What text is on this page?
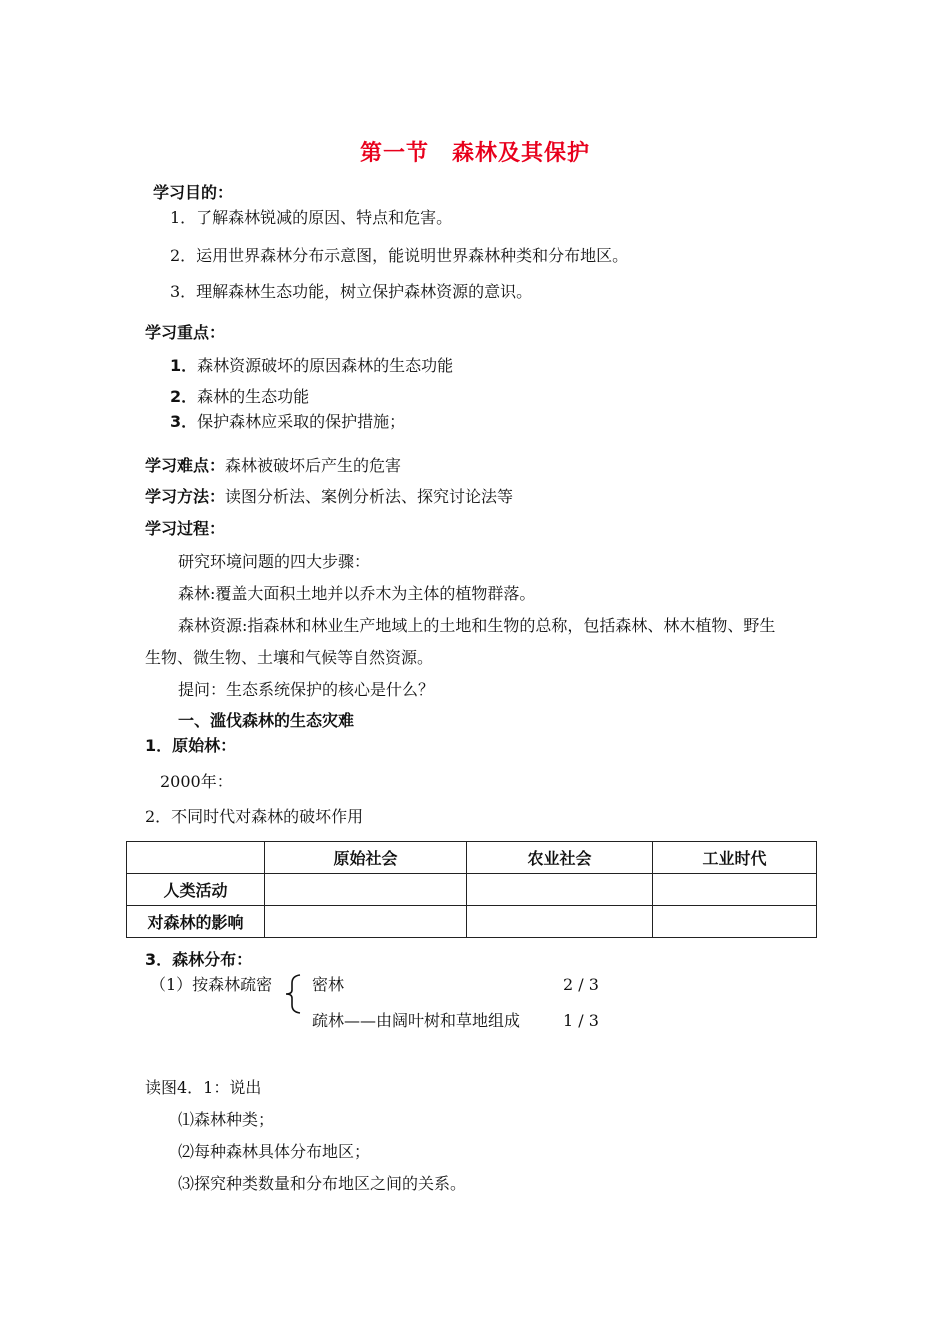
第一节　森林及其保护
学习目的：
1．了解森林锐减的原因、特点和危害。
2．运用世界森林分布示意图，能说明世界森林种类和分布地区。
3．理解森林生态功能，树立保护森林资源的意识。
学习重点：
1．森林资源破坏的原因森林的生态功能
2．森林的生态功能
3．保护森林应采取的保护措施；
学习难点：森林被破坏后产生的危害
学习方法：读图分析法、案例分析法、探究讨论法等
学习过程：
研究环境问题的四大步骤：
森林:覆盖大面积土地并以乔木为主体的植物群落。
森林资源:指森林和林业生产地域上的土地和生物的总称，包括森林、林木植物、野生
生物、微生物、土壤和气候等自然资源。
提问：生态系统保护的核心是什么？
一、滥伐森林的生态灾难
1．原始林：
2000年：
2．不同时代对森林的破坏作用
	原始社会	农业社会	工业时代
人类活动			
对森林的影响			
3．森林分布：
（1）按森林疏密 密林	2 / 3
疏林——由阔叶树和草地组成	1 / 3
读图4．1：说出
⑴森林种类；
⑵每种森林具体分布地区；
⑶探究种类数量和分布地区之间的关系。
